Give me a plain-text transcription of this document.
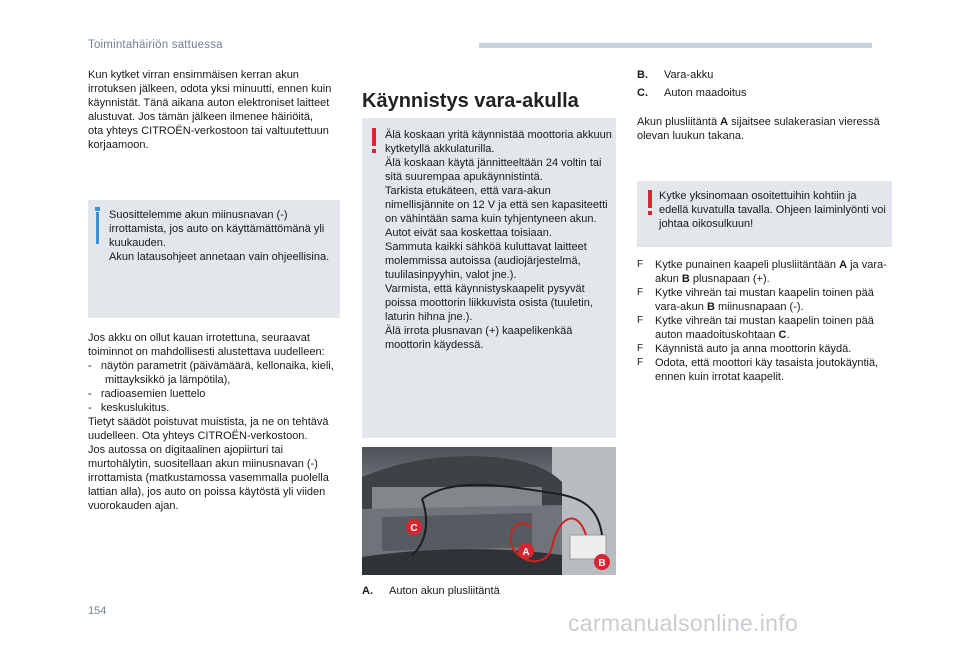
Toimintahäiriön sattuessa
Kun kytket virran ensimmäisen kerran akun
irrotuksen jälkeen, odota yksi minuutti, ennen kuin
käynnistät. Tänä aikana auton elektroniset laitteet
alustuvat. Jos tämän jälkeen ilmenee häiriöitä,
ota yhteys CITROËN-verkostoon tai valtuutettuun
korjaamoon.
Suosittelemme akun miinusnavan (-)
irrottamista, jos auto on käyttämättömänä yli
kuukauden.
Akun latausohjeet annetaan vain ohjeellisina.
Jos akku on ollut kauan irrotettuna, seuraavat
toiminnot on mahdollisesti alustettava uudelleen:
-   näytön parametrit (päivämäärä, kellonaika, kieli,
mittayksikkö ja lämpötila),
-   radioasemien luettelo
-   keskuslukitus.
Tietyt säädöt poistuvat muistista, ja ne on tehtävä
uudelleen. Ota yhteys CITROËN-verkostoon.
Jos autossa on digitaalinen ajopiirturi tai
murtohälytin, suositellaan akun miinusnavan (-)
irrottamista (matkustamossa vasemmalla puolella
lattian alla), jos auto on poissa käytöstä yli viiden
vuorokauden ajan.
Käynnistys vara-akulla
Älä koskaan yritä käynnistää moottoria akkuun
kytketyllä akkulaturilla.
Älä koskaan käytä jännitteeltään 24 voltin tai
sitä suurempaa apukäynnistintä.
Tarkista etukäteen, että vara-akun
nimellisjännite on 12 V ja että sen kapasiteetti
on vähintään sama kuin tyhjentyneen akun.
Autot eivät saa koskettaa toisiaan.
Sammuta kaikki sähköä kuluttavat laitteet
molemmissa autoissa (audiojärjestelmä,
tuulilasinpyyhin, valot jne.).
Varmista, että käynnistyskaapelit pysyvät
poissa moottorin liikkuvista osista (tuuletin,
laturin hihna jne.).
Älä irrota plusnavan (+) kaapelikenkää
moottorin käydessä.
C
A
B
A.	Auton akun plusliitäntä
B.	Vara-akku
C.	Auton maadoitus
Akun plusliitäntä A sijaitsee sulakerasian vieressä
olevan luukun takana.
Kytke yksinomaan osoitettuihin kohtiin ja
edellä kuvatulla tavalla. Ohjeen laiminlyönti voi
johtaa oikosulkuun!
F	Kytke punainen kaapeli plusliitäntään A ja vara-
akun B plusnapaan (+).
F	Kytke vihreän tai mustan kaapelin toinen pää
vara-akun B miinusnapaan (-).
F	Kytke vihreän tai mustan kaapelin toinen pää
auton maadoituskohtaan C.
F	Käynnistä auto ja anna moottorin käydä.
F	Odota, että moottori käy tasaista joutokäyntiä,
ennen kuin irrotat kaapelit.
154	carmanualsonline.info
